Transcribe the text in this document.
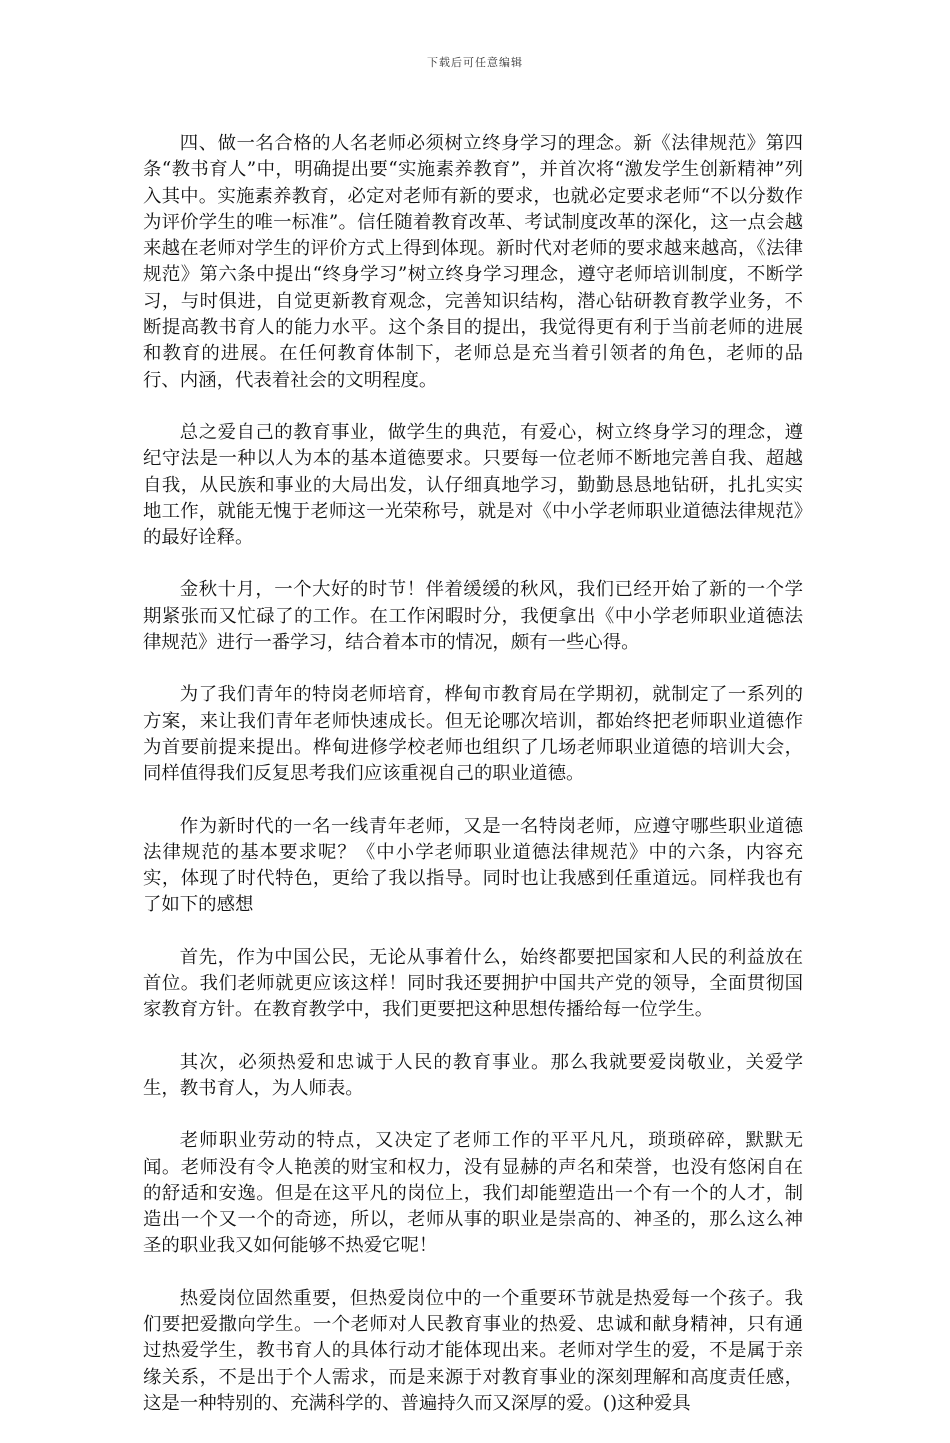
下载后可任意编辑

四、做一名合格的人名老师必须树立终身学习的理念。新《法律规范》第四条“教书育人”中，明确提出要“实施素养教育”，并首次将“激发学生创新精神”列入其中。实施素养教育，必定对老师有新的要求，也就必定要求老师“不以分数作为评价学生的唯一标准”。信任随着教育改革、考试制度改革的深化，这一点会越来越在老师对学生的评价方式上得到体现。新时代对老师的要求越来越高，《法律规范》第六条中提出“终身学习”树立终身学习理念，遵守老师培训制度，不断学习，与时俱进，自觉更新教育观念，完善知识结构，潜心钻研教育教学业务，不断提高教书育人的能力水平。这个条目的提出，我觉得更有利于当前老师的进展和教育的进展。在任何教育体制下，老师总是充当着引领者的角色，老师的品行、内涵，代表着社会的文明程度。

总之爱自己的教育事业，做学生的典范，有爱心，树立终身学习的理念，遵纪守法是一种以人为本的基本道德要求。只要每一位老师不断地完善自我、超越自我，从民族和事业的大局出发，认仔细真地学习，勤勤恳恳地钻研，扎扎实实地工作，就能无愧于老师这一光荣称号，就是对《中小学老师职业道德法律规范》的最好诠释。

金秋十月，一个大好的时节！伴着缓缓的秋风，我们已经开始了新的一个学期紧张而又忙碌了的工作。在工作闲暇时分，我便拿出《中小学老师职业道德法律规范》进行一番学习，结合着本市的情况，颇有一些心得。

为了我们青年的特岗老师培育，桦甸市教育局在学期初，就制定了一系列的方案，来让我们青年老师快速成长。但无论哪次培训，都始终把老师职业道德作为首要前提来提出。桦甸进修学校老师也组织了几场老师职业道德的培训大会，同样值得我们反复思考我们应该重视自己的职业道德。

作为新时代的一名一线青年老师，又是一名特岗老师，应遵守哪些职业道德法律规范的基本要求呢？《中小学老师职业道德法律规范》中的六条，内容充实，体现了时代特色，更给了我以指导。同时也让我感到任重道远。同样我也有了如下的感想

首先，作为中国公民，无论从事着什么，始终都要把国家和人民的利益放在首位。我们老师就更应该这样！同时我还要拥护中国共产党的领导，全面贯彻国家教育方针。在教育教学中，我们更要把这种思想传播给每一位学生。

其次，必须热爱和忠诚于人民的教育事业。那么我就要爱岗敬业，关爱学生，教书育人，为人师表。

老师职业劳动的特点，又决定了老师工作的平平凡凡，琐琐碎碎，默默无闻。老师没有令人艳羡的财宝和权力，没有显赫的声名和荣誉，也没有悠闲自在的舒适和安逸。但是在这平凡的岗位上，我们却能塑造出一个有一个的人才，制造出一个又一个的奇迹，所以，老师从事的职业是崇高的、神圣的，那么这么神圣的职业我又如何能够不热爱它呢！

热爱岗位固然重要，但热爱岗位中的一个重要环节就是热爱每一个孩子。我们要把爱撒向学生。一个老师对人民教育事业的热爱、忠诚和献身精神，只有通过热爱学生，教书育人的具体行动才能体现出来。老师对学生的爱，不是属于亲缘关系，不是出于个人需求，而是来源于对教育事业的深刻理解和高度责任感，这是一种特别的、充满科学的、普遍持久而又深厚的爱。()这种爱具
